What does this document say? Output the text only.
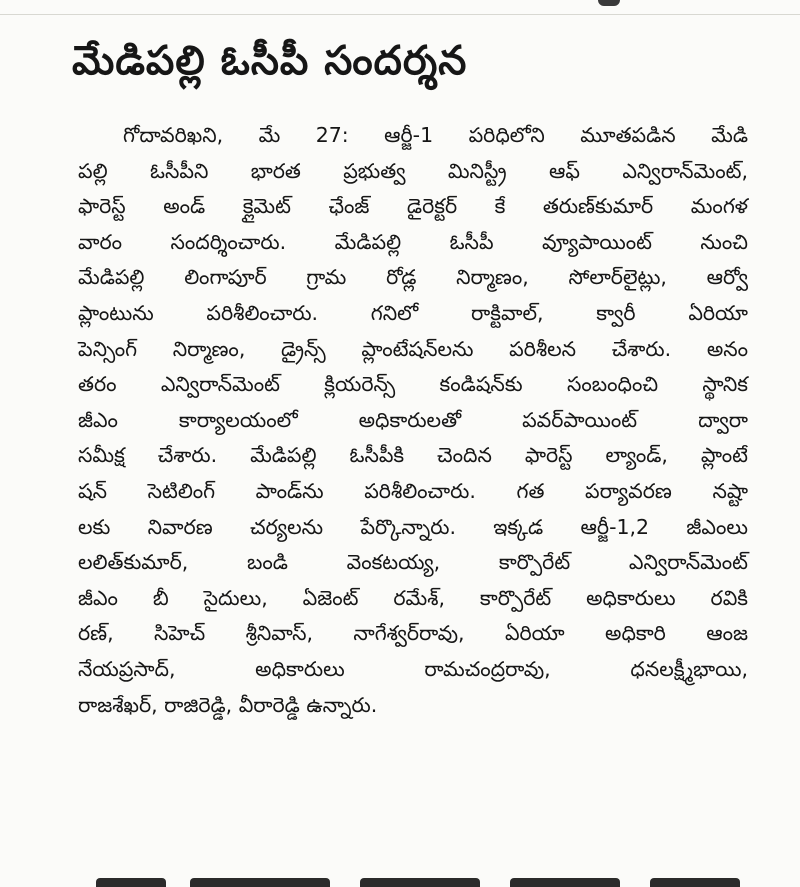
మేడిపల్లి ఓసీపీ సందర్శన
గోదావరిఖని, మే 27: ఆర్జీ-1 పరిధిలోని మూతపడిన మేడి
పల్లి ఓసీపీని భారత ప్రభుత్వ మినిస్ట్రీ ఆఫ్ ఎన్విరాన్‌మెంట్,
ఫారెస్ట్ అండ్ క్లైమెట్ ఛేంజ్ డైరెక్టర్ కే తరుణ్‌కుమార్ మంగళ
వారం సందర్శించారు. మేడిపల్లి ఓసీపీ వ్యూపాయింట్ నుంచి
మేడిపల్లి లింగాపూర్ గ్రామ రోడ్ల నిర్మాణం, సోలార్‌లైట్లు, ఆర్వో
ప్లాంటును పరిశీలించారు. గనిలో రాక్టివాల్, క్వారీ ఏరియా
పెన్సింగ్ నిర్మాణం, డ్రైన్స్ ప్లాంటేషన్‌లను పరిశీలన చేశారు. అనం
తరం ఎన్విరాన్‌మెంట్ క్లియరెన్స్ కండిషన్‌కు సంబంధించి స్థానిక
జీఎం కార్యాలయంలో అధికారులతో పవర్‌పాయింట్ ద్వారా
సమీక్ష చేశారు. మేడిపల్లి ఓసీపీకి చెందిన ఫారెస్ట్ ల్యాండ్, ప్లాంటే
షన్ సెటిలింగ్ పాండ్‌ను పరిశీలించారు. గత పర్యావరణ నష్టా
లకు నివారణ చర్యలను పేర్కొన్నారు. ఇక్కడ ఆర్జీ-1,2 జీఎంలు
లలిత్‌కుమార్, బండి వెంకటయ్య, కార్పొరేట్ ఎన్విరాన్‌మెంట్
జీఎం బీ సైదులు, ఏజెంట్ రమేశ్, కార్పొరేట్ అధికారులు రవికి
రణ్, సిహెచ్ శ్రీనివాస్, నాగేశ్వర్‌రావు, ఏరియా అధికారి ఆంజ
నేయప్రసాద్, అధికారులు రామచంద్రరావు, ధనలక్ష్మీభాయి,
రాజశేఖర్, రాజిరెడ్డి, వీరారెడ్డి ఉన్నారు.
